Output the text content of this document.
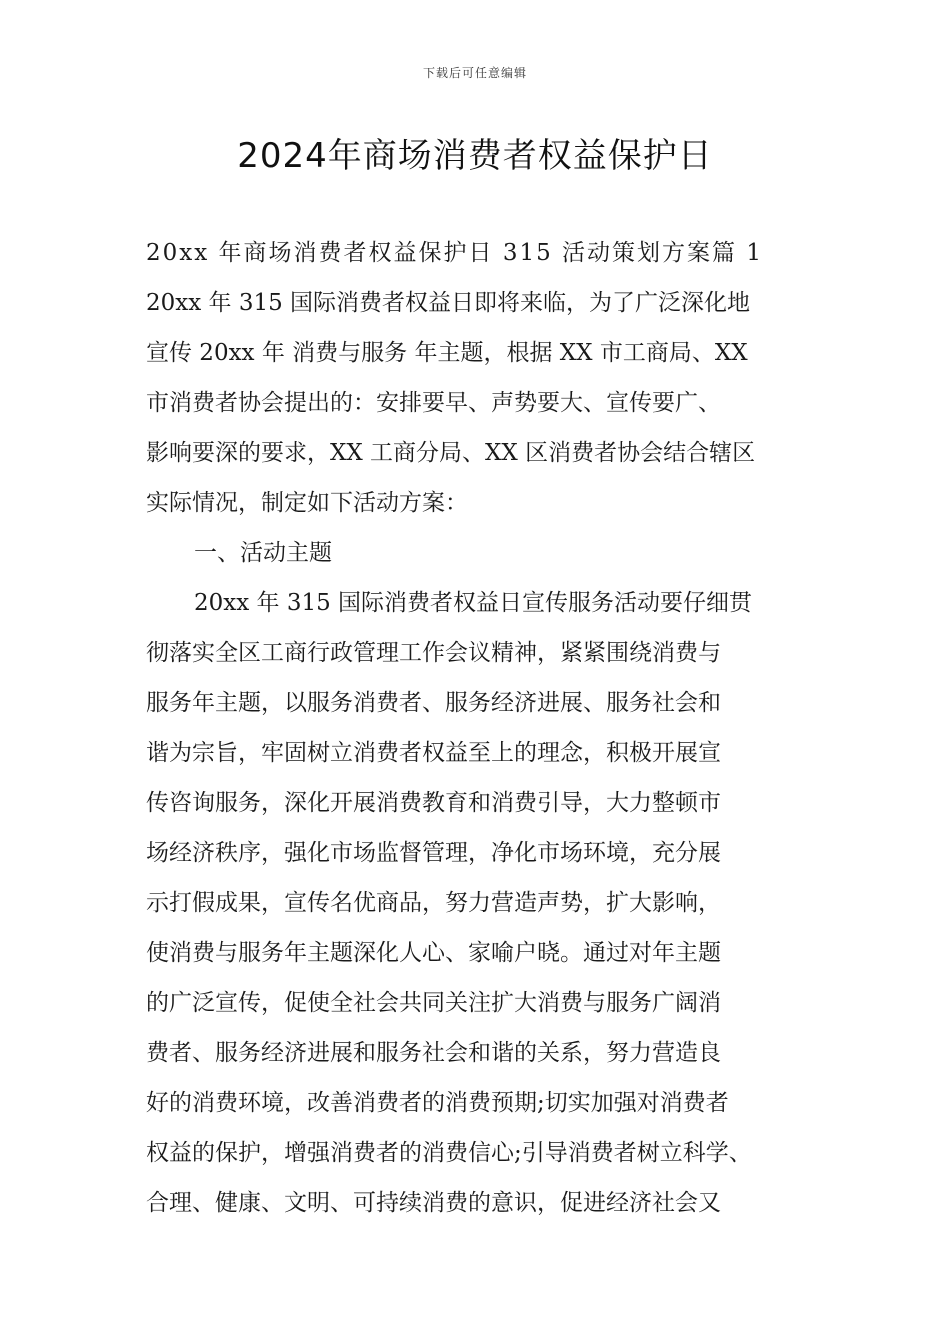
下载后可任意编辑
2024年商场消费者权益保护日
20xx 年商场消费者权益保护日 315 活动策划方案篇 1
20xx 年 315 国际消费者权益日即将来临，为了广泛深化地
宣传 20xx 年 消费与服务 年主题，根据 XX 市工商局、XX
市消费者协会提出的：安排要早、声势要大、宣传要广、
影响要深的要求，XX 工商分局、XX 区消费者协会结合辖区
实际情况，制定如下活动方案：
一、活动主题
20xx 年 315 国际消费者权益日宣传服务活动要仔细贯
彻落实全区工商行政管理工作会议精神，紧紧围绕消费与
服务年主题，以服务消费者、服务经济进展、服务社会和
谐为宗旨，牢固树立消费者权益至上的理念，积极开展宣
传咨询服务，深化开展消费教育和消费引导，大力整顿市
场经济秩序，强化市场监督管理，净化市场环境，充分展
示打假成果，宣传名优商品，努力营造声势，扩大影响，
使消费与服务年主题深化人心、家喻户晓。通过对年主题
的广泛宣传，促使全社会共同关注扩大消费与服务广阔消
费者、服务经济进展和服务社会和谐的关系，努力营造良
好的消费环境，改善消费者的消费预期;切实加强对消费者
权益的保护，增强消费者的消费信心;引导消费者树立科学、
合理、健康、文明、可持续消费的意识，促进经济社会又
